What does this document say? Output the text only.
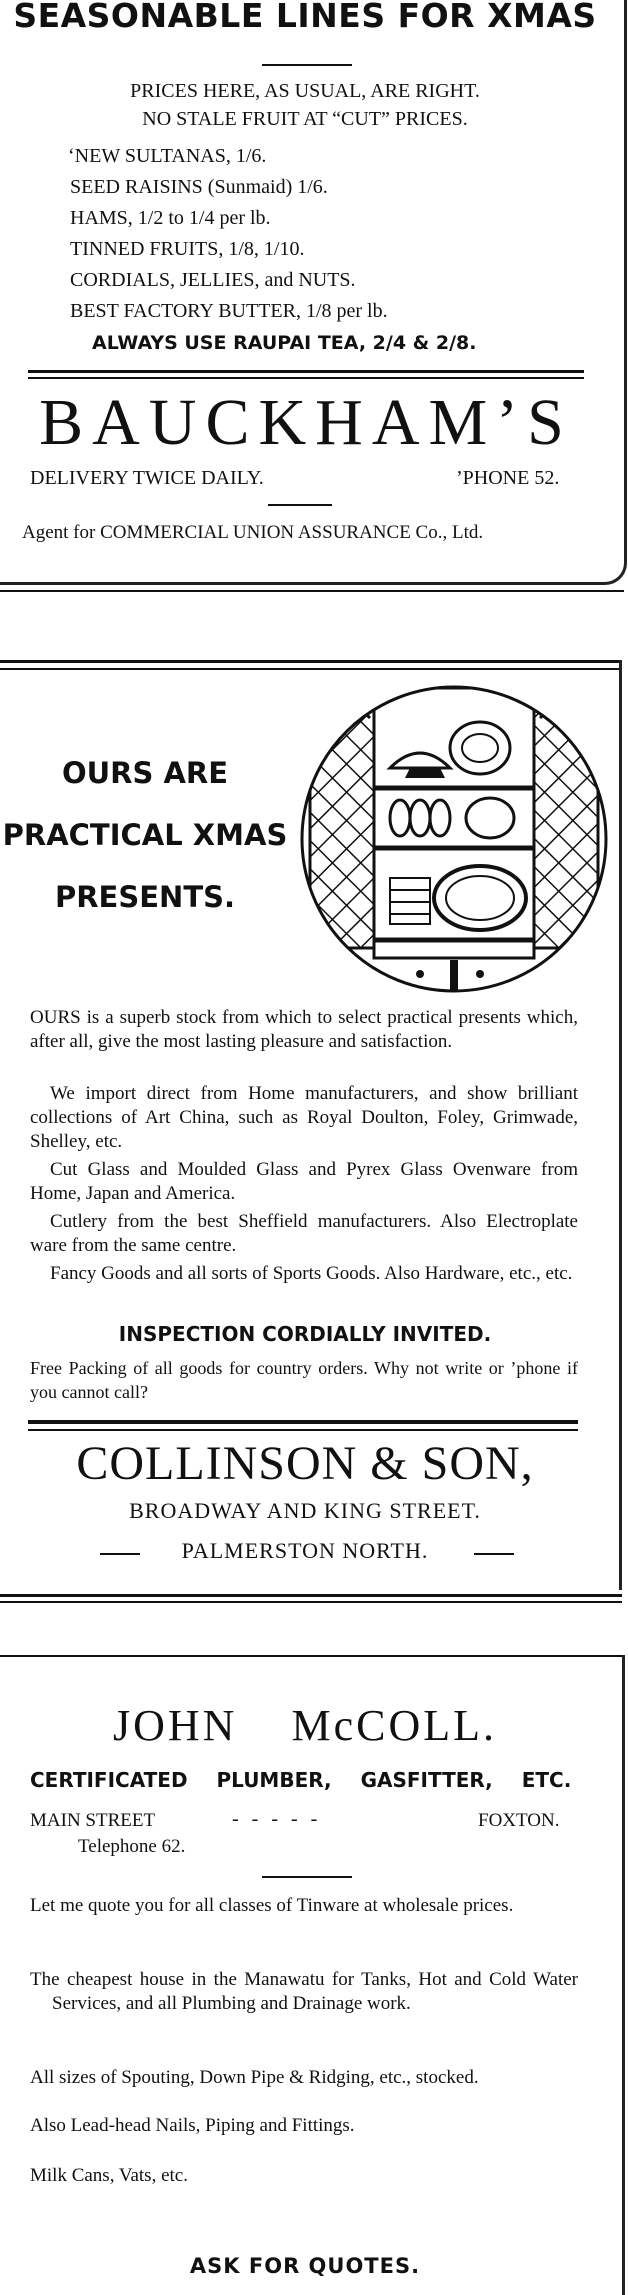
SEASONABLE LINES FOR XMAS
PRICES HERE, AS USUAL, ARE RIGHT.
NO STALE FRUIT AT “CUT” PRICES.
‘NEW SULTANAS, 1/6.
SEED RAISINS (Sunmaid) 1/6.
HAMS, 1/2 to 1/4 per lb.
TINNED FRUITS, 1/8, 1/10.
CORDIALS, JELLIES, and NUTS.
BEST FACTORY BUTTER, 1/8 per lb.
ALWAYS USE RAUPAI TEA, 2/4 & 2/8.
BAUCKHAM’S
DELIVERY TWICE DAILY.	’PHONE 52.
Agent for COMMERCIAL UNION ASSURANCE Co., Ltd.
OURS ARE
PRACTICAL XMAS
PRESENTS.
OURS is a superb stock from which to select practical presents which, after all, give the most lasting pleasure and satisfaction.
We import direct from Home manufacturers, and show brilliant collections of Art China, such as Royal Doulton, Foley, Grimwade, Shelley, etc.
Cut Glass and Moulded Glass and Pyrex Glass Ovenware from Home, Japan and America.
Cutlery from the best Sheffield manufacturers. Also Electroplate ware from the same centre.
Fancy Goods and all sorts of Sports Goods. Also Hardware, etc., etc.
INSPECTION CORDIALLY INVITED.
Free Packing of all goods for country orders. Why not write or ’phone if you cannot call?
COLLINSON & SON,
BROADWAY AND KING STREET.
PALMERSTON NORTH.
JOHN McCOLL.
CERTIFICATED PLUMBER, GASFITTER, ETC.
MAIN STREET	- - - - -	FOXTON.
Telephone 62.
Let me quote you for all classes of Tinware at wholesale prices.
The cheapest house in the Manawatu for Tanks, Hot and Cold Water Services, and all Plumbing and Drainage work.
All sizes of Spouting, Down Pipe & Ridging, etc., stocked.
Also Lead-head Nails, Piping and Fittings.
Milk Cans, Vats, etc.
ASK FOR QUOTES.
